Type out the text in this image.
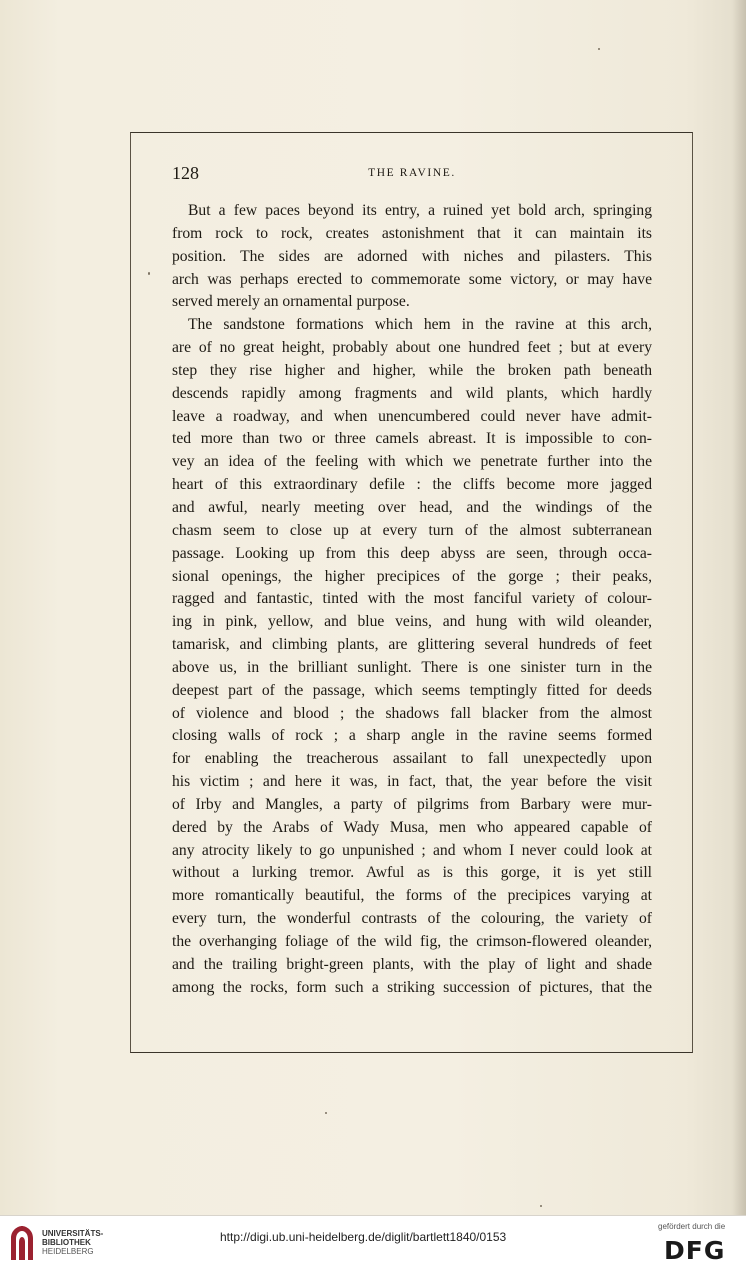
128	THE RAVINE.
But a few paces beyond its entry, a ruined yet bold arch, springing
from rock to rock, creates astonishment that it can maintain its
position. The sides are adorned with niches and pilasters. This
arch was perhaps erected to commemorate some victory, or may have
served merely an ornamental purpose.
The sandstone formations which hem in the ravine at this arch,
are of no great height, probably about one hundred feet ; but at every
step they rise higher and higher, while the broken path beneath
descends rapidly among fragments and wild plants, which hardly
leave a roadway, and when unencumbered could never have admit-
ted more than two or three camels abreast. It is impossible to con-
vey an idea of the feeling with which we penetrate further into the
heart of this extraordinary defile : the cliffs become more jagged
and awful, nearly meeting over head, and the windings of the
chasm seem to close up at every turn of the almost subterranean
passage. Looking up from this deep abyss are seen, through occa-
sional openings, the higher precipices of the gorge ; their peaks,
ragged and fantastic, tinted with the most fanciful variety of colour-
ing in pink, yellow, and blue veins, and hung with wild oleander,
tamarisk, and climbing plants, are glittering several hundreds of feet
above us, in the brilliant sunlight. There is one sinister turn in the
deepest part of the passage, which seems temptingly fitted for deeds
of violence and blood ; the shadows fall blacker from the almost
closing walls of rock ; a sharp angle in the ravine seems formed
for enabling the treacherous assailant to fall unexpectedly upon
his victim ; and here it was, in fact, that, the year before the visit
of Irby and Mangles, a party of pilgrims from Barbary were mur-
dered by the Arabs of Wady Musa, men who appeared capable of
any atrocity likely to go unpunished ; and whom I never could look at
without a lurking tremor. Awful as is this gorge, it is yet still
more romantically beautiful, the forms of the precipices varying at
every turn, the wonderful contrasts of the colouring, the variety of
the overhanging foliage of the wild fig, the crimson-flowered oleander,
and the trailing bright-green plants, with the play of light and shade
among the rocks, form such a striking succession of pictures, that the
UNIVERSITÄTS-
BIBLIOTHEK
HEIDELBERG
http://digi.ub.uni-heidelberg.de/diglit/bartlett1840/0153
gefördert durch die
DFG
